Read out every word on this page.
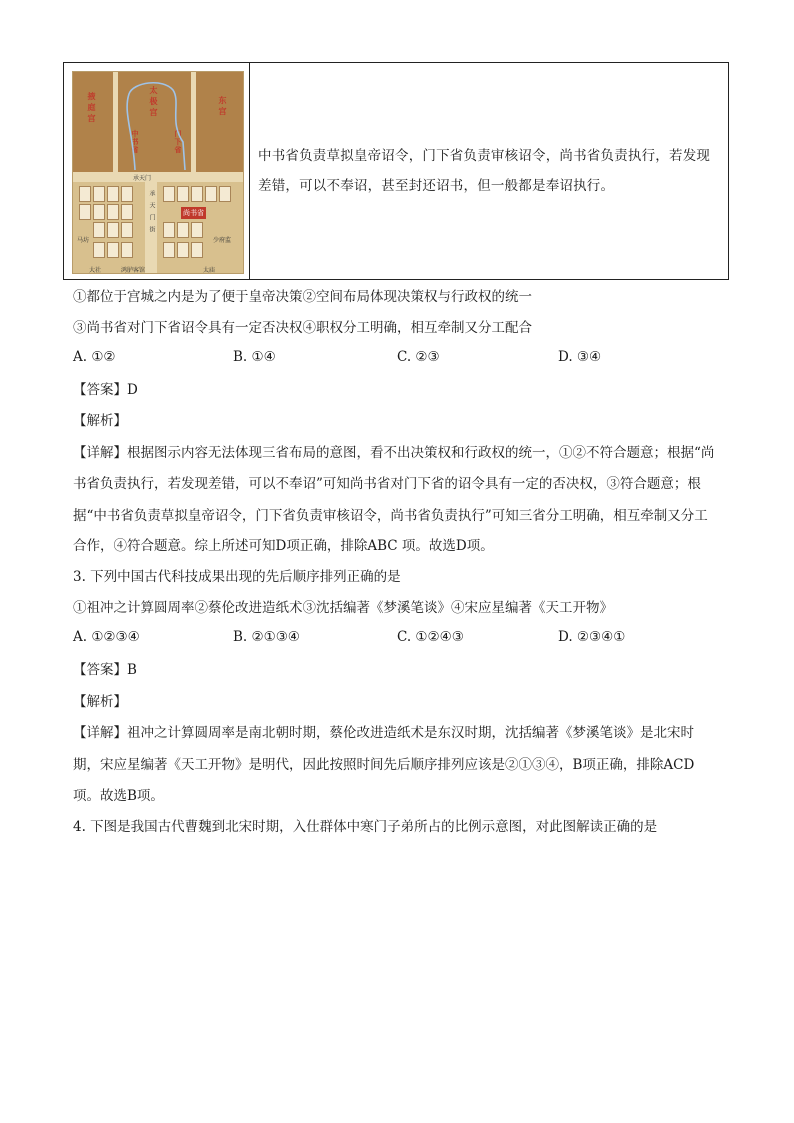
掖庭宫	太极宫	东宫
中书省	门下省
承天门
承天门街	尚书省
马坊	少府监
大社	鸿胪客馆	太庙
中书省负责草拟皇帝诏令，门下省负责审核诏令，尚书省负责执行，若发现差错，可以不奉诏，甚至封还诏书，但一般都是奉诏执行。
①都位于宫城之内是为了便于皇帝决策②空间布局体现决策权与行政权的统一
③尚书省对门下省诏令具有一定否决权④职权分工明确，相互牵制又分工配合
A. ①②	B. ①④	C. ②③	D. ③④
【答案】D
【解析】
【详解】根据图示内容无法体现三省布局的意图，看不出决策权和行政权的统一，①②不符合题意；根据“尚
书省负责执行，若发现差错，可以不奉诏”可知尚书省对门下省的诏令具有一定的否决权，③符合题意；根
据“中书省负责草拟皇帝诏令，门下省负责审核诏令，尚书省负责执行”可知三省分工明确，相互牵制又分工
合作，④符合题意。综上所述可知D项正确，排除ABC 项。故选D项。
3. 下列中国古代科技成果出现的先后顺序排列正确的是
①祖冲之计算圆周率②蔡伦改进造纸术③沈括编著《梦溪笔谈》④宋应星编著《天工开物》
A. ①②③④	B. ②①③④	C. ①②④③	D. ②③④①
【答案】B
【解析】
【详解】祖冲之计算圆周率是南北朝时期，蔡伦改进造纸术是东汉时期，沈括编著《梦溪笔谈》是北宋时
期，宋应星编著《天工开物》是明代，因此按照时间先后顺序排列应该是②①③④，B项正确，排除ACD
项。故选B项。
4. 下图是我国古代曹魏到北宋时期，入仕群体中寒门子弟所占的比例示意图，对此图解读正确的是
